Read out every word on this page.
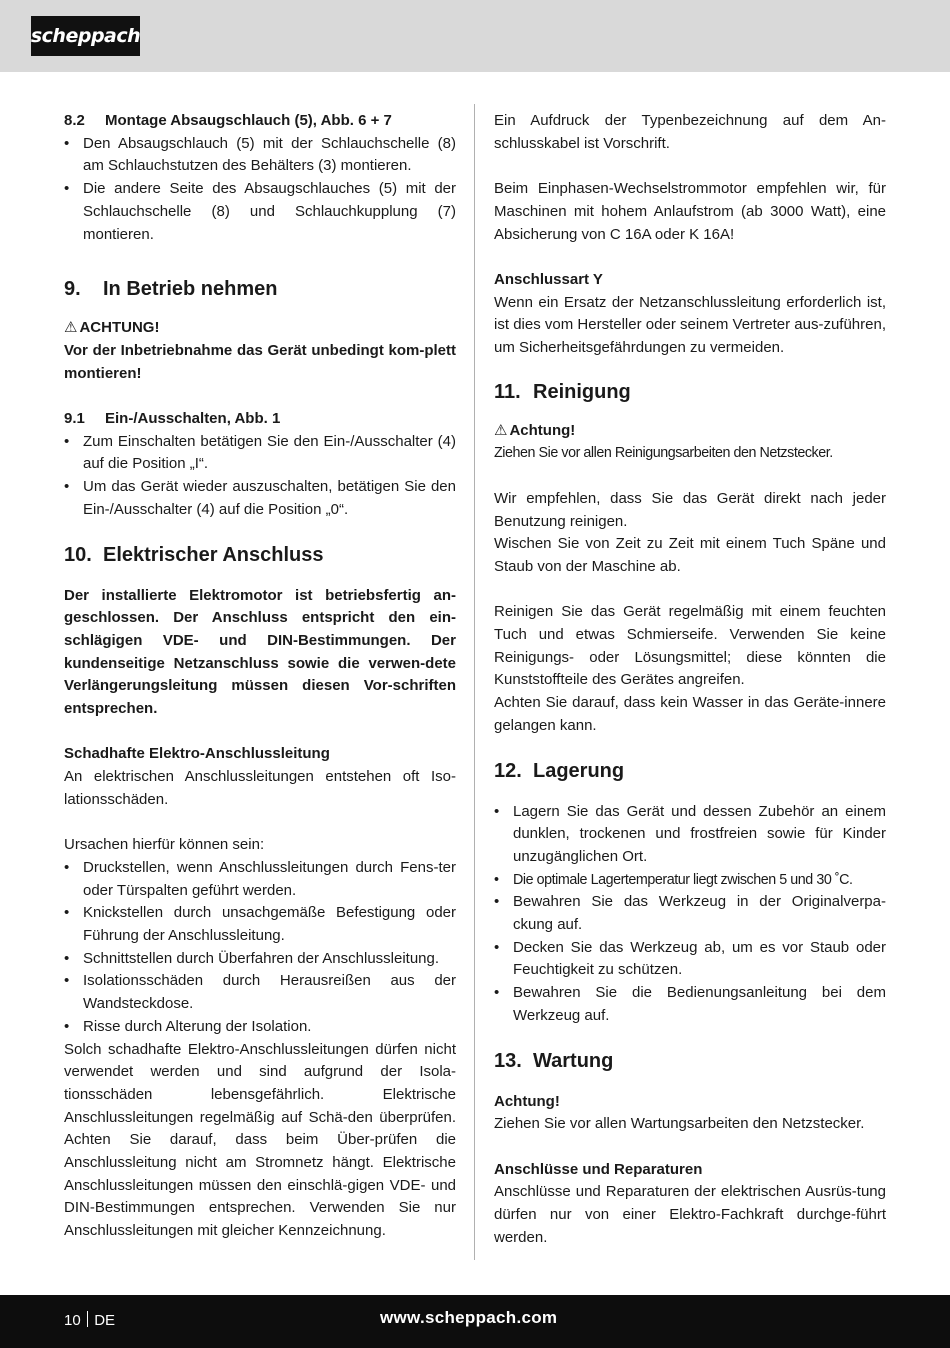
scheppach
8.2 Montage Absaugschlauch (5), Abb. 6 + 7
• Den Absaugschlauch (5) mit der Schlauchschelle (8) am Schlauchstutzen des Behälters (3) montieren.
• Die andere Seite des Absaugschlauches (5) mit der Schlauchschelle (8) und Schlauchkupplung (7) montieren.
9. In Betrieb nehmen
⚠ ACHTUNG!

Vor der Inbetriebnahme das Gerät unbedingt kom-plett montieren!

9.1 Ein-/Ausschalten, Abb. 1
• Zum Einschalten betätigen Sie den Ein-/Ausschalter (4) auf die Position „I“.
• Um das Gerät wieder auszuschalten, betätigen Sie den Ein-/Ausschalter (4) auf die Position „0“.
10. Elektrischer Anschluss

Der installierte Elektromotor ist betriebsfertig an-geschlossen. Der Anschluss entspricht den ein-schlägigen VDE- und DIN-Bestimmungen. Der kundenseitige Netzanschluss sowie die verwen-dete Verlängerungsleitung müssen diesen Vor-schriften entsprechen.

Schadhafte Elektro-Anschlussleitung

An elektrischen Anschlussleitungen entstehen oft Iso-lationsschäden.

Ursachen hierfür können sein:

• Druckstellen, wenn Anschlussleitungen durch Fens-ter oder Türspalten geführt werden.
• Knickstellen durch unsachgemäße Befestigung oder Führung der Anschlussleitung.
• Schnittstellen durch Überfahren der Anschlussleitung.
• Isolationsschäden durch Herausreißen aus der Wandsteckdose.
• Risse durch Alterung der Isolation.

Solch schadhafte Elektro-Anschlussleitungen dürfen nicht verwendet werden und sind aufgrund der Isola-tionsschäden lebensgefährlich. Elektrische Anschlussleitungen regelmäßig auf Schä-den überprüfen. Achten Sie darauf, dass beim Über-prüfen die Anschlussleitung nicht am Stromnetz hängt. Elektrische Anschlussleitungen müssen den einschlä-gigen VDE- und DIN-Bestimmungen entsprechen. Verwenden Sie nur Anschlussleitungen mit gleicher Kennzeichnung.

Ein Aufdruck der Typenbezeichnung auf dem An-schlusskabel ist Vorschrift.

Beim Einphasen-Wechselstrommotor empfehlen wir, für Maschinen mit hohem Anlaufstrom (ab 3000 Watt), eine Absicherung von C 16A oder K 16A!

Anschlussart Y

Wenn ein Ersatz der Netzanschlussleitung erforderlich ist, ist dies vom Hersteller oder seinem Vertreter aus-zuführen, um Sicherheitsgefährdungen zu vermeiden.

11. Reinigung
⚠ Achtung!

Ziehen Sie vor allen Reinigungsarbeiten den Netzstecker.

Wir empfehlen, dass Sie das Gerät direkt nach jeder Benutzung reinigen.

Wischen Sie von Zeit zu Zeit mit einem Tuch Späne und Staub von der Maschine ab.

Reinigen Sie das Gerät regelmäßig mit einem feuchten Tuch und etwas Schmierseife. Verwenden Sie keine Reinigungs- oder Lösungsmittel; diese könnten die Kunststoffteile des Gerätes angreifen.

Achten Sie darauf, dass kein Wasser in das Geräte-innere gelangen kann.

12. Lagerung
• Lagern Sie das Gerät und dessen Zubehör an einem dunklen, trockenen und frostfreien sowie für Kinder unzugänglichen Ort.
• Die optimale Lagertemperatur liegt zwischen 5 und 30 ˚C.
• Bewahren Sie das Werkzeug in der Originalverpa-ckung auf.
• Decken Sie das Werkzeug ab, um es vor Staub oder Feuchtigkeit zu schützen.
• Bewahren Sie die Bedienungsanleitung bei dem Werkzeug auf.
13. Wartung

Achtung!

Ziehen Sie vor allen Wartungsarbeiten den Netzstecker.

Anschlüsse und Reparaturen

Anschlüsse und Reparaturen der elektrischen Ausrüs-tung dürfen nur von einer Elektro-Fachkraft durchge-führt werden.

10 DE	www.scheppach.com
